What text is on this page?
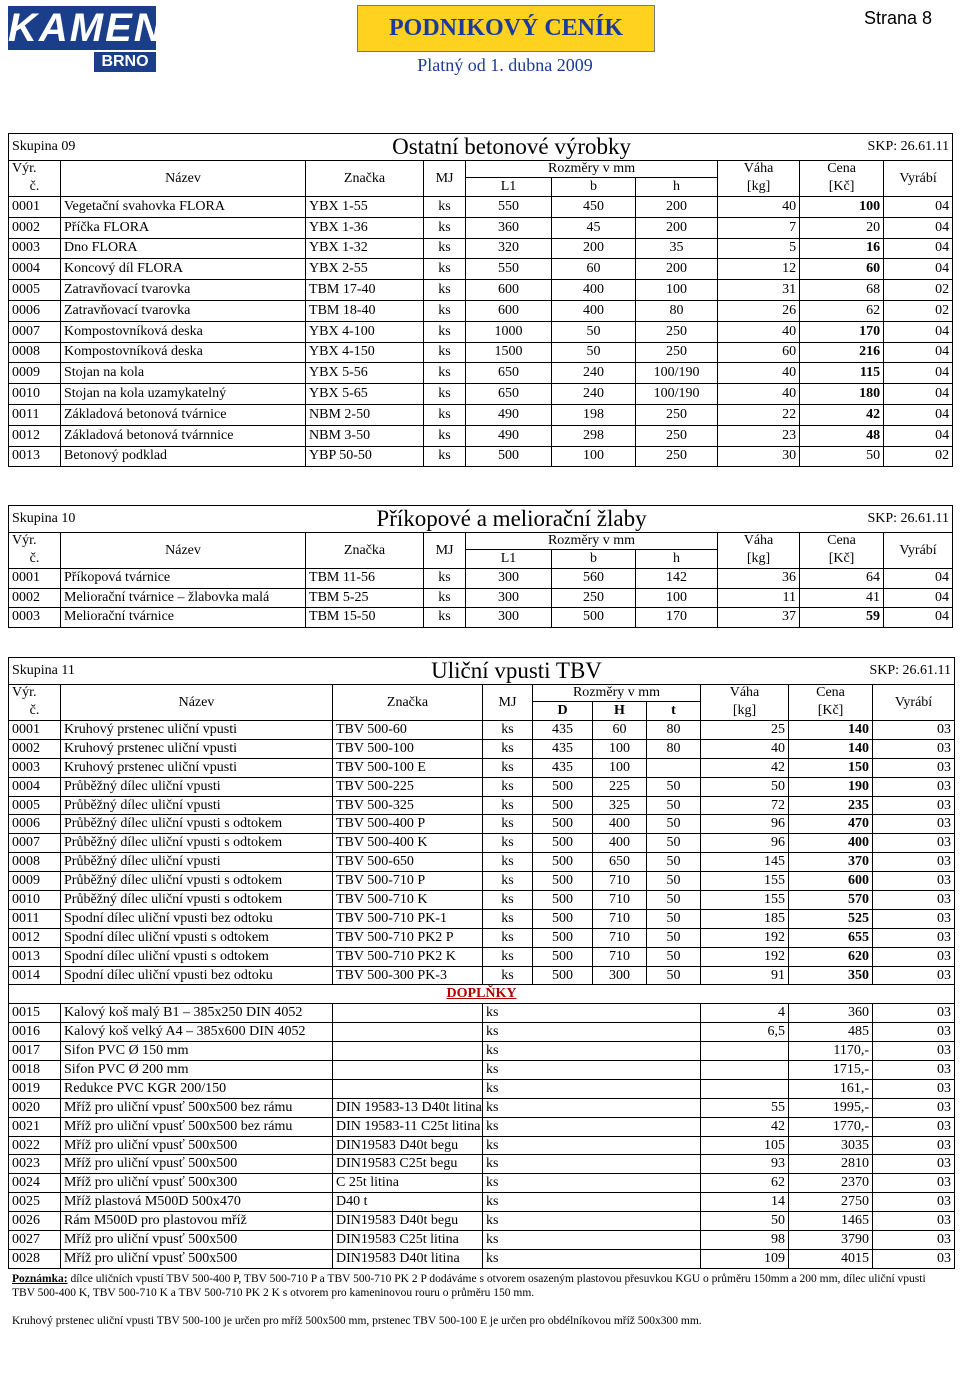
KAMENA
BRNO
PODNIKOVÝ CENÍK
Platný od 1. dubna 2009
Strana 8
Skupina 09		Ostatní betonové výrobky					SKP: 26.61.11		
Výr.	Název	Značka	MJ	Rozměry v mm			Váha	Cena	Vyrábí
č.				L1	b	h	[kg]	[Kč]	
0001	Vegetační svahovka FLORA	YBX 1-55	ks	550	450	200	40	100	04
0002	Příčka FLORA	YBX 1-36	ks	360	45	200	7	20	04
0003	Dno FLORA	YBX 1-32	ks	320	200	35	5	16	04
0004	Koncový díl FLORA	YBX 2-55	ks	550	60	200	12	60	04
0005	Zatravňovací tvarovka	TBM 17-40	ks	600	400	100	31	68	02
0006	Zatravňovací tvarovka	TBM 18-40	ks	600	400	80	26	62	02
0007	Kompostovníková deska	YBX 4-100	ks	1000	50	250	40	170	04
0008	Kompostovníková deska	YBX 4-150	ks	1500	50	250	60	216	04
0009	Stojan na kola	YBX 5-56	ks	650	240	100/190	40	115	04
0010	Stojan na kola uzamykatelný	YBX 5-65	ks	650	240	100/190	40	180	04
0011	Základová betonová tvárnice	NBM 2-50	ks	490	198	250	22	42	04
0012	Základová betonová tvárnnice	NBM 3-50	ks	490	298	250	23	48	04
0013	Betonový podklad	YBP 50-50	ks	500	100	250	30	50	02
Skupina 10		Příkopové a meliorační žlaby					SKP: 26.61.11		
Výr.	Název	Značka	MJ	Rozměry v mm			Váha	Cena	Vyrábí
č.				L1	b	h	[kg]	[Kč]	
0001	Příkopová tvárnice	TBM 11-56	ks	300	560	142	36	64	04
0002	Meliorační tvárnice – žlabovka malá	TBM 5-25	ks	300	250	100	11	41	04
0003	Meliorační tvárnice	TBM 15-50	ks	300	500	170	37	59	04
Skupina 11		Uliční vpusti TBV					SKP: 26.61.11		
Výr.	Název	Značka	MJ	Rozměry v mm			Váha	Cena	Vyrábí
č.				D	H	t	[kg]	[Kč]	
0001	Kruhový prstenec uliční vpusti	TBV 500-60	ks	435	60	80	25	140	03
0002	Kruhový prstenec uliční vpusti	TBV 500-100	ks	435	100	80	40	140	03
0003	Kruhový prstenec uliční vpusti	TBV 500-100 E	ks	435	100		42	150	03
0004	Průběžný dílec uliční vpusti	TBV 500-225	ks	500	225	50	50	190	03
0005	Průběžný dílec uliční vpusti	TBV 500-325	ks	500	325	50	72	235	03
0006	Průběžný dílec uliční vpusti s odtokem	TBV 500-400 P	ks	500	400	50	96	470	03
0007	Průběžný dílec uliční vpusti s odtokem	TBV 500-400 K	ks	500	400	50	96	400	03
0008	Průběžný dílec uliční vpusti	TBV 500-650	ks	500	650	50	145	370	03
0009	Průběžný dílec uliční vpusti s odtokem	TBV 500-710 P	ks	500	710	50	155	600	03
0010	Průběžný dílec uliční vpusti s odtokem	TBV 500-710 K	ks	500	710	50	155	570	03
0011	Spodní dílec uliční vpusti bez odtoku	TBV 500-710 PK-1	ks	500	710	50	185	525	03
0012	Spodní dílec uliční vpusti s odtokem	TBV 500-710 PK2 P	ks	500	710	50	192	655	03
0013	Spodní dílec uliční vpusti s odtokem	TBV 500-710 PK2 K	ks	500	710	50	192	620	03
0014	Spodní dílec uliční vpusti bez odtoku	TBV 500-300 PK-3	ks	500	300	50	91	350	03
DOPLŇKY									
0015	Kalový koš malý B1 – 385x250 DIN 4052		ks				4	360	03
0016	Kalový koš velký A4 – 385x600 DIN 4052		ks				6,5	485	03
0017	Sifon PVC Ø 150 mm		ks					1170,-	03
0018	Sifon PVC Ø 200 mm		ks					1715,-	03
0019	Redukce PVC KGR 200/150		ks					161,-	03
0020	Mříž pro uliční vpusť 500x500 bez rámu	DIN 19583-13 D40t litina	ks				55	1995,-	03
0021	Mříž pro uliční vpusť 500x500 bez rámu	DIN 19583-11 C25t litina	ks				42	1770,-	03
0022	Mříž pro uliční vpusť 500x500	DIN19583 D40t begu	ks				105	3035	03
0023	Mříž pro uliční vpusť 500x500	DIN19583 C25t begu	ks				93	2810	03
0024	Mříž pro uliční vpusť 500x300	C 25t litina	ks				62	2370	03
0025	Mříž plastová M500D 500x470	D40 t	ks				14	2750	03
0026	Rám M500D pro plastovou mříž	DIN19583 D40t begu	ks				50	1465	03
0027	Mříž pro uliční vpusť 500x500	DIN19583 C25t litina	ks				98	3790	03
0028	Mříž pro uliční vpusť 500x500	DIN19583 D40t litina	ks				109	4015	03
Poznámka: dílce uličních vpustí TBV 500-400 P, TBV 500-710 P a TBV 500-710 PK 2 P dodáváme s otvorem osazeným plastovou přesuvkou KGU o průměru 150mm a 200 mm, dílec uliční vpusti TBV 500-400 K, TBV 500-710 K a TBV 500-710 PK 2 K s otvorem pro kameninovou rouru o průměru 150 mm.
Kruhový prstenec uliční vpusti TBV 500-100 je určen pro mříž 500x500 mm, prstenec TBV 500-100 E je určen pro obdélníkovou mříž 500x300 mm.
